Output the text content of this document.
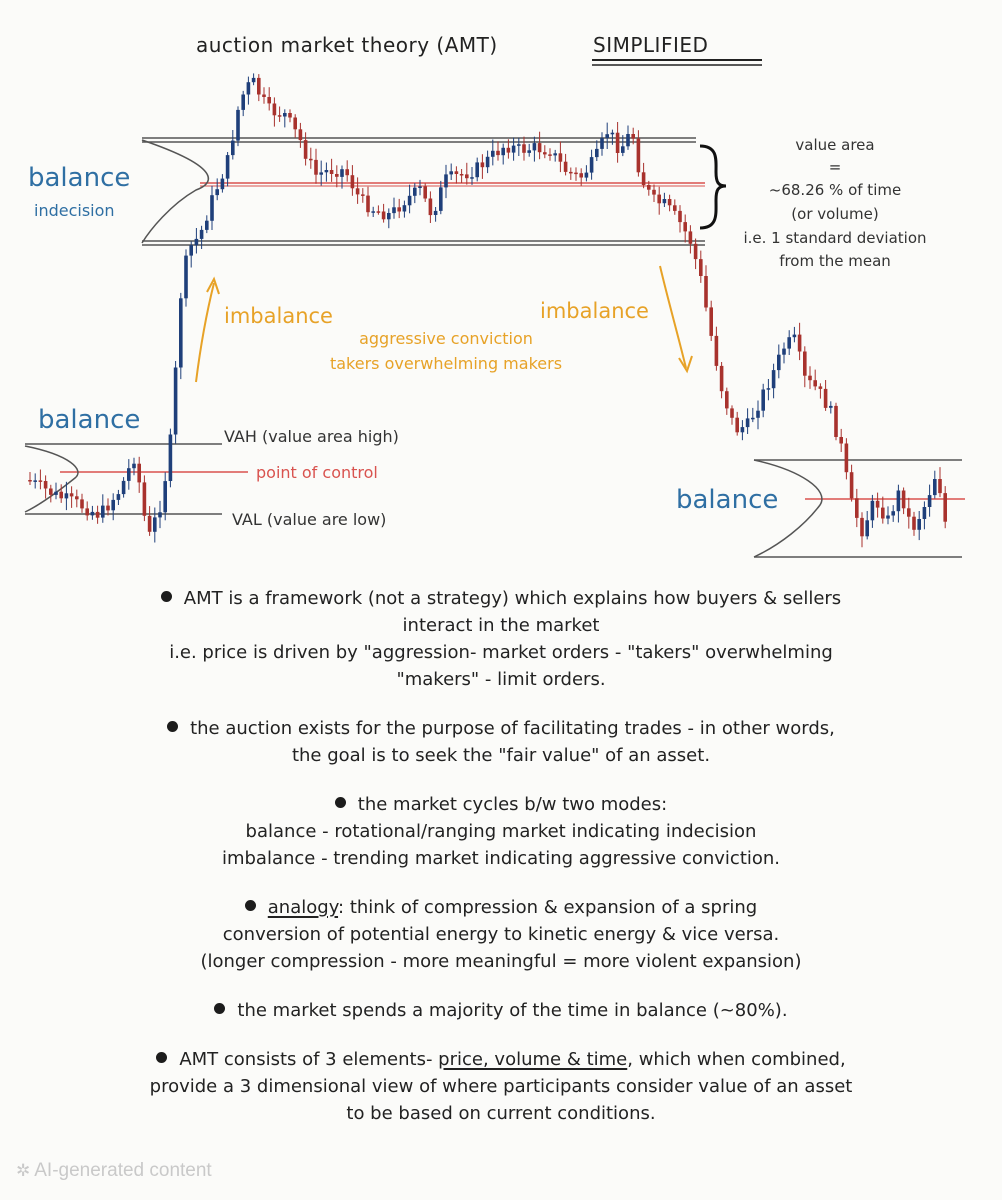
auction market theory (AMT)	SIMPLIFIED
value area
=
~68.26 % of time
(or volume)
i.e. 1 standard deviation
from the mean
balance
indecision
balance
balance
imbalance	imbalance
aggressive conviction
takers overwhelming makers
VAH (value area high)
point of control
VAL (value are low)

AMT is a framework (not a strategy) which explains how buyers & sellers

interact in the market

i.e. price is driven by "aggression- market orders - "takers" overwhelming

"makers" - limit orders.

the auction exists for the purpose of facilitating trades - in other words,

the goal is to seek the "fair value" of an asset.

the market cycles b/w two modes:

balance - rotational/ranging market indicating indecision

imbalance - trending market indicating aggressive conviction.

analogy: think of compression & expansion of a spring

conversion of potential energy to kinetic energy & vice versa.

(longer compression - more meaningful = more violent expansion)

the market spends a majority of the time in balance (~80%).

AMT consists of 3 elements- price, volume & time, which when combined,

provide a 3 dimensional view of where participants consider value of an asset

to be based on current conditions.

✲ AI-generated content
